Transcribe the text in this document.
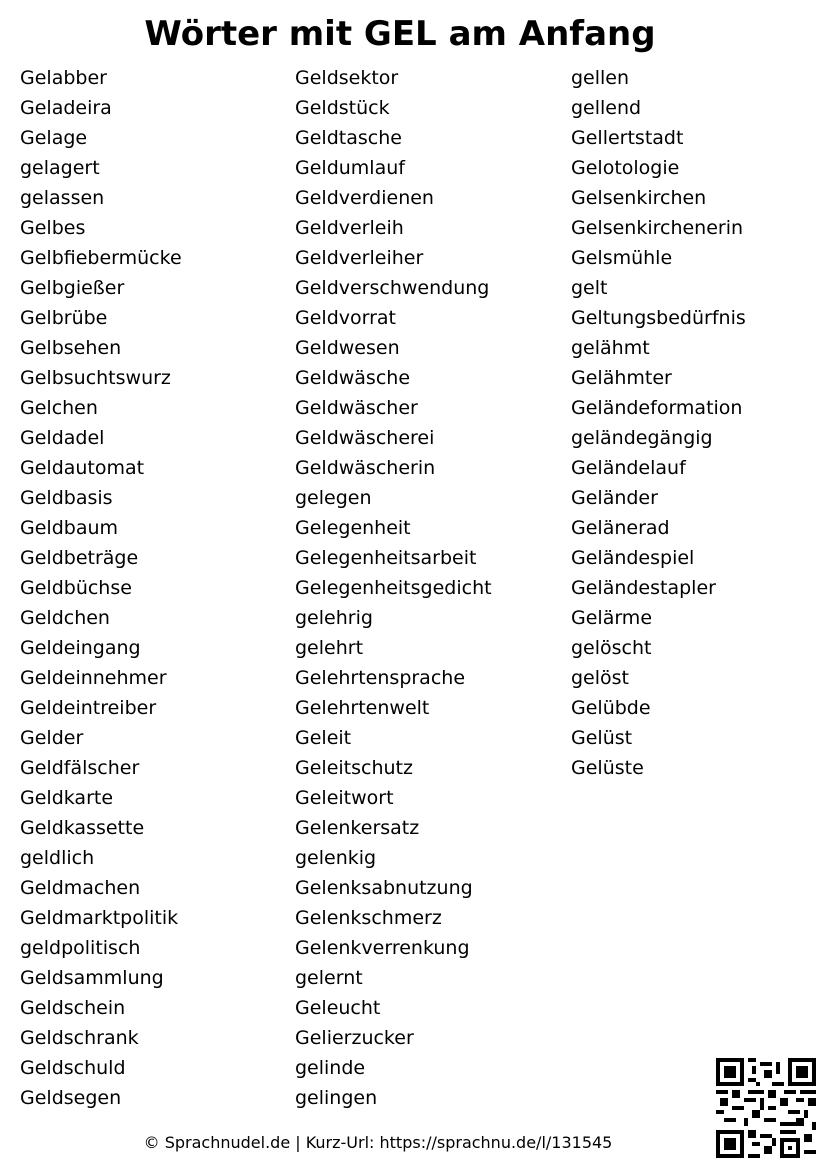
Wörter mit GEL am Anfang
Gelabber
Geladeira
Gelage
gelagert
gelassen
Gelbes
Gelbfiebermücke
Gelbgießer
Gelbrübe
Gelbsehen
Gelbsuchtswurz
Gelchen
Geldadel
Geldautomat
Geldbasis
Geldbaum
Geldbeträge
Geldbüchse
Geldchen
Geldeingang
Geldeinnehmer
Geldeintreiber
Gelder
Geldfälscher
Geldkarte
Geldkassette
geldlich
Geldmachen
Geldmarktpolitik
geldpolitisch
Geldsammlung
Geldschein
Geldschrank
Geldschuld
Geldsegen
Geldsektor
Geldstück
Geldtasche
Geldumlauf
Geldverdienen
Geldverleih
Geldverleiher
Geldverschwendung
Geldvorrat
Geldwesen
Geldwäsche
Geldwäscher
Geldwäscherei
Geldwäscherin
gelegen
Gelegenheit
Gelegenheitsarbeit
Gelegenheitsgedicht
gelehrig
gelehrt
Gelehrtensprache
Gelehrtenwelt
Geleit
Geleitschutz
Geleitwort
Gelenkersatz
gelenkig
Gelenksabnutzung
Gelenkschmerz
Gelenkverrenkung
gelernt
Geleucht
Gelierzucker
gelinde
gelingen
gellen
gellend
Gellertstadt
Gelotologie
Gelsenkirchen
Gelsenkirchenerin
Gelsmühle
gelt
Geltungsbedürfnis
gelähmt
Gelähmter
Geländeformation
geländegängig
Geländelauf
Geländer
Gelänerad
Geländespiel
Geländestapler
Gelärme
gelöscht
gelöst
Gelübde
Gelüst
Gelüste
© Sprachnudel.de | Kurz-Url: https://sprachnu.de/l/131545
